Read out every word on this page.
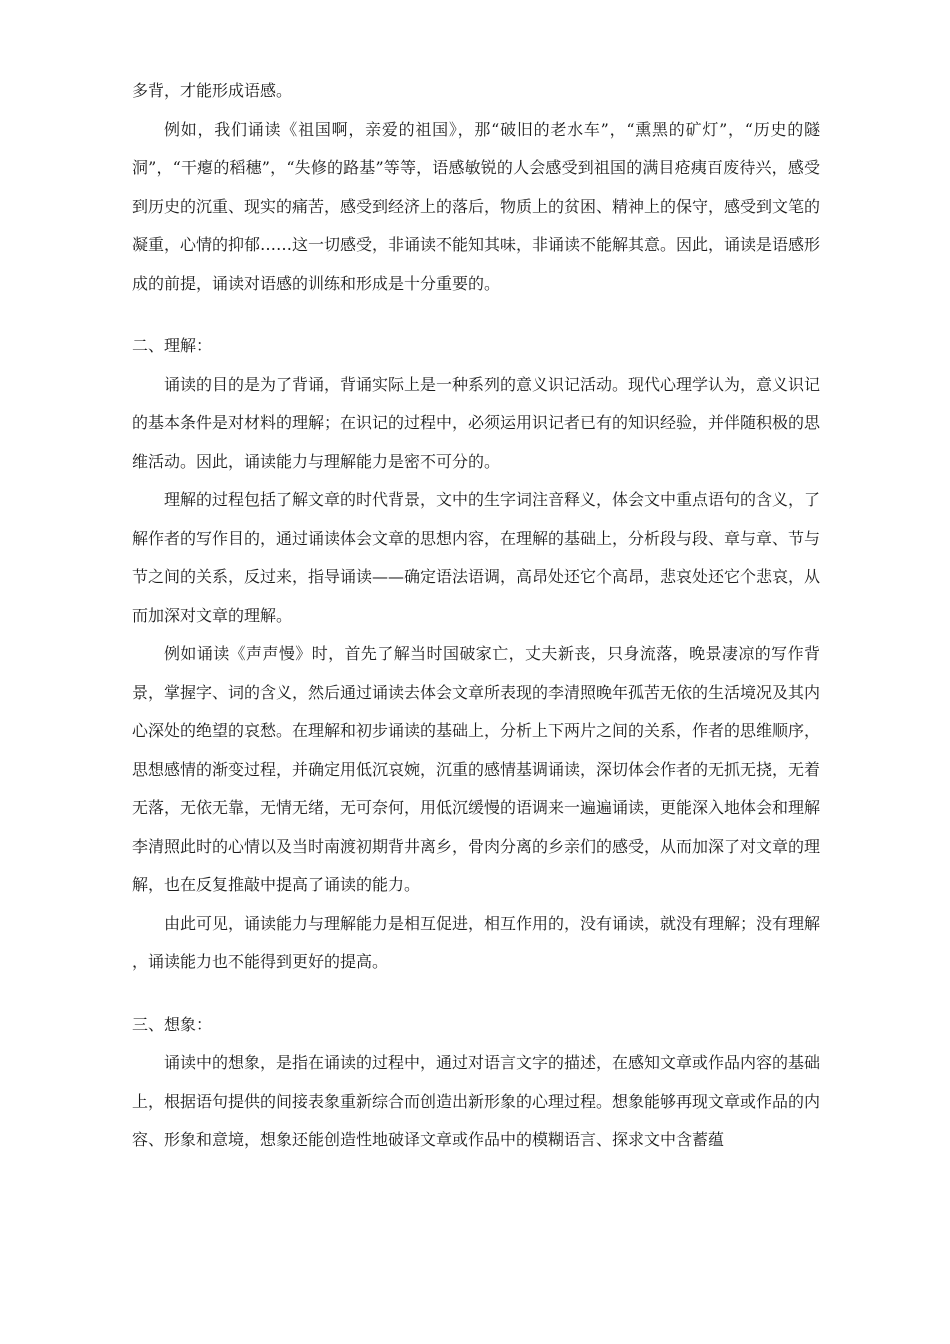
多背，才能形成语感。

例如，我们诵读《祖国啊，亲爱的祖国》，那“破旧的老水车”，“熏黑的矿灯”，“历史的隧洞”，“干瘪的稻穗”，“失修的路基”等等，语感敏锐的人会感受到祖国的满目疮痍百废待兴，感受到历史的沉重、现实的痛苦，感受到经济上的落后，物质上的贫困、精神上的保守，感受到文笔的凝重，心情的抑郁……这一切感受，非诵读不能知其味，非诵读不能解其意。因此，诵读是语感形成的前提，诵读对语感的训练和形成是十分重要的。

二、理解：

诵读的目的是为了背诵，背诵实际上是一种系列的意义识记活动。现代心理学认为，意义识记的基本条件是对材料的理解；在识记的过程中，必须运用识记者已有的知识经验，并伴随积极的思维活动。因此，诵读能力与理解能力是密不可分的。

理解的过程包括了解文章的时代背景，文中的生字词注音释义，体会文中重点语句的含义，了解作者的写作目的，通过诵读体会文章的思想内容，在理解的基础上，分析段与段、章与章、节与节之间的关系，反过来，指导诵读——确定语法语调，高昂处还它个高昂，悲哀处还它个悲哀，从而加深对文章的理解。

例如诵读《声声慢》时，首先了解当时国破家亡，丈夫新丧，只身流落，晚景凄凉的写作背景，掌握字、词的含义，然后通过诵读去体会文章所表现的李清照晚年孤苦无依的生活境况及其内心深处的绝望的哀愁。在理解和初步诵读的基础上，分析上下两片之间的关系，作者的思维顺序，思想感情的渐变过程，并确定用低沉哀婉，沉重的感情基调诵读，深切体会作者的无抓无挠，无着无落，无依无靠，无情无绪，无可奈何，用低沉缓慢的语调来一遍遍诵读，更能深入地体会和理解李清照此时的心情以及当时南渡初期背井离乡，骨肉分离的乡亲们的感受，从而加深了对文章的理解，也在反复推敲中提高了诵读的能力。

由此可见，诵读能力与理解能力是相互促进，相互作用的，没有诵读，就没有理解；没有理解 ，诵读能力也不能得到更好的提高。

三、想象：

诵读中的想象，是指在诵读的过程中，通过对语言文字的描述，在感知文章或作品内容的基础上，根据语句提供的间接表象重新综合而创造出新形象的心理过程。想象能够再现文章或作品的内容、形象和意境，想象还能创造性地破译文章或作品中的模糊语言、探求文中含蓄蕴
